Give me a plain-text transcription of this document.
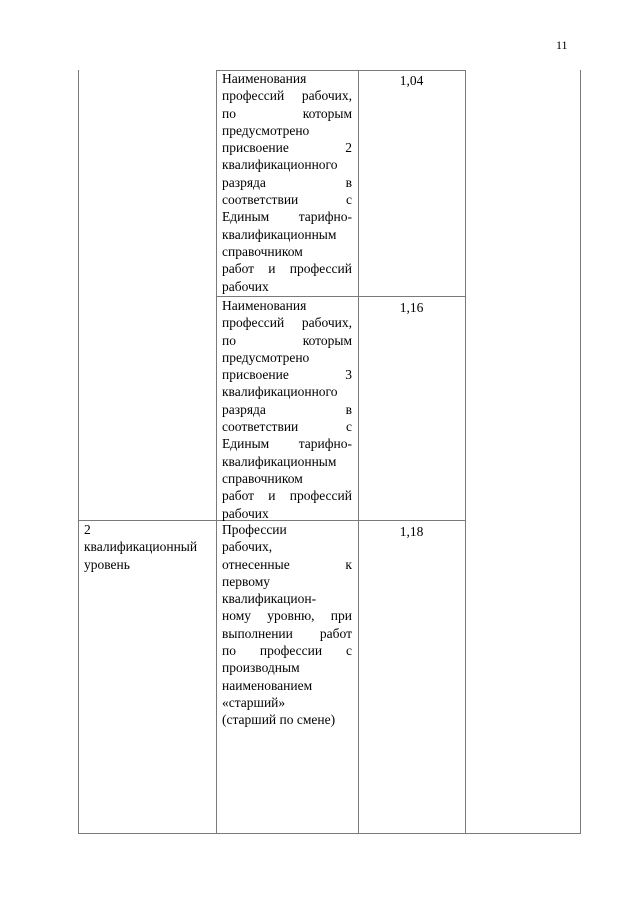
11
Наименования
профессий рабочих,
по которым
предусмотрено
присвоение 2
квалификационного
разряда в
соответствии с
Единым тарифно-
квалификационным
справочником
работ и профессий
рабочих
1,04
Наименования
профессий рабочих,
по которым
предусмотрено
присвоение 3
квалификационного
разряда в
соответствии с
Единым тарифно-
квалификационным
справочником
работ и профессий
рабочих
1,16
2
квалификационный
уровень
Профессии
рабочих,
отнесенные к
первому
квалификацион-
ному уровню, при
выполнении работ
по профессии с
производным
наименованием
«старший»
(старший по смене)
1,18
